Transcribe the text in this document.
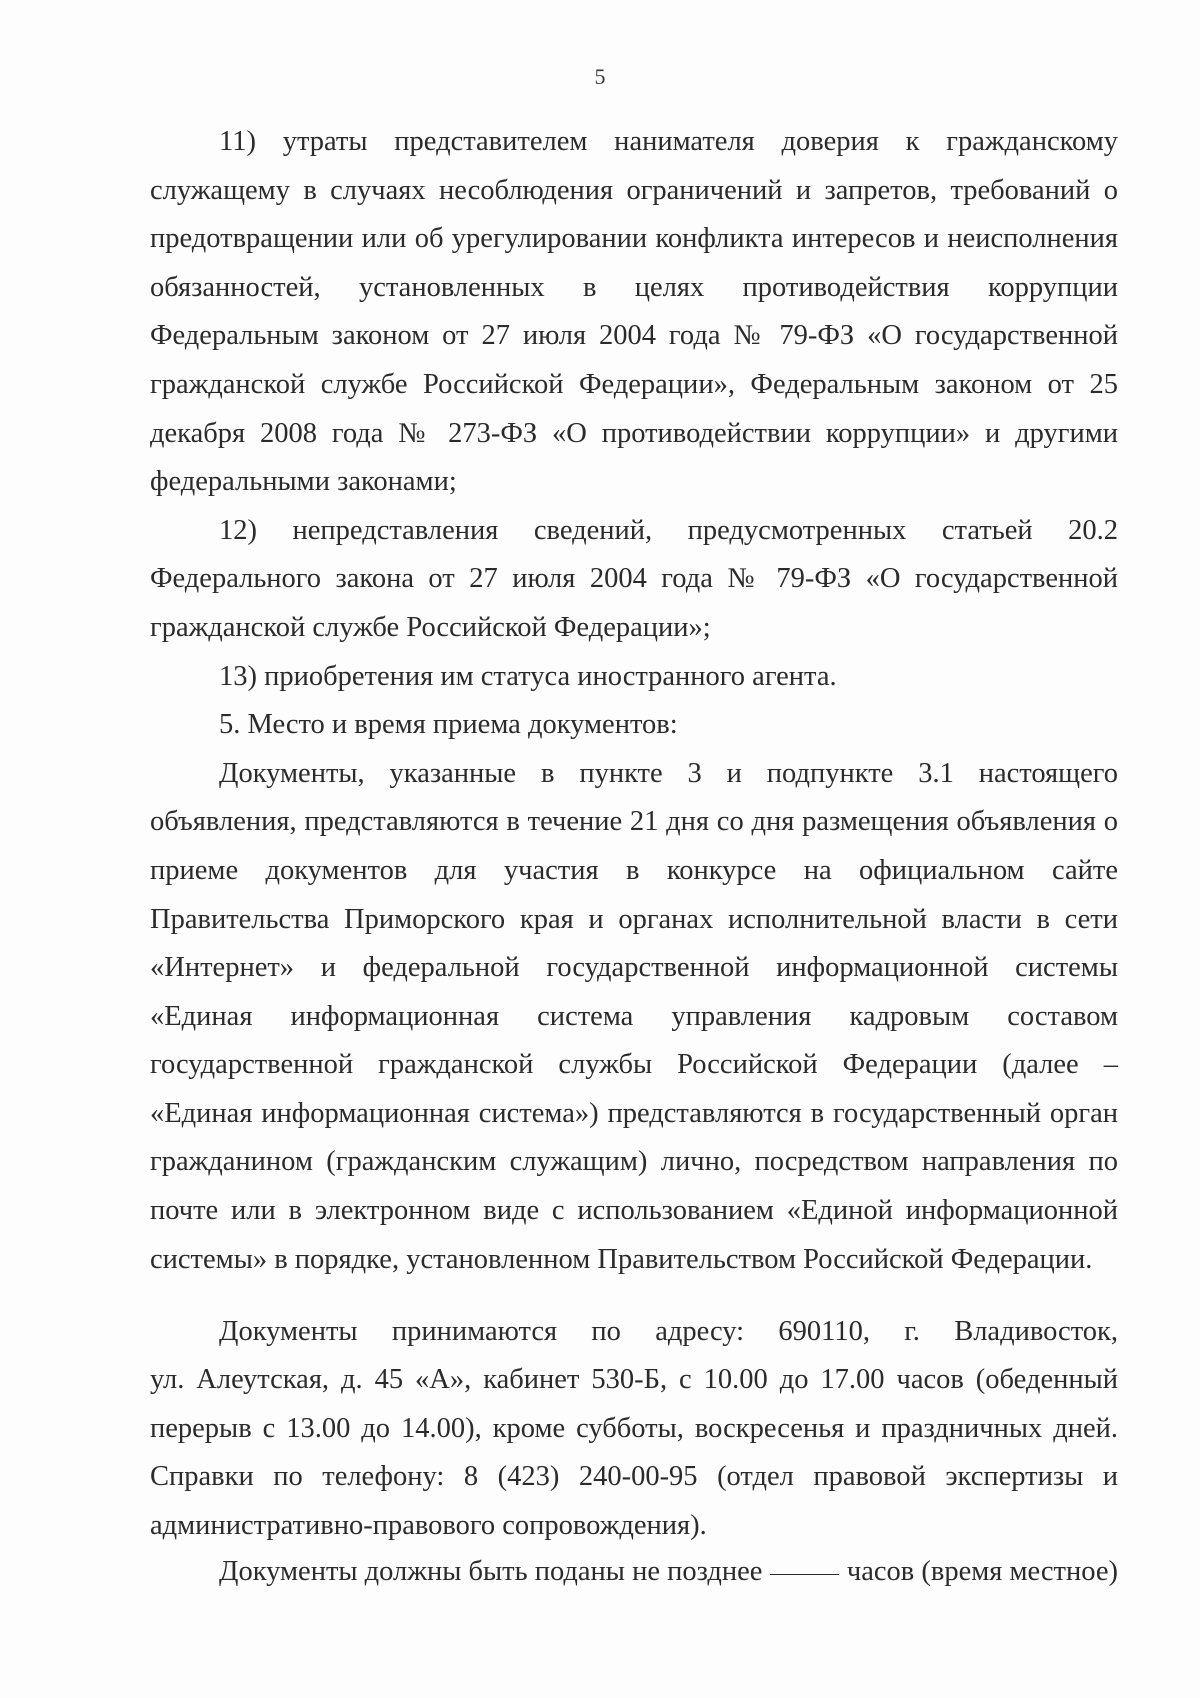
5

11) утраты представителем нанимателя доверия к гражданскому служащему в случаях несоблюдения ограничений и запретов, требований о предотвращении или об урегулировании конфликта интересов и неисполнения обязанностей, установленных в целях противодействия коррупции Федеральным законом от 27 июля 2004 года № 79-ФЗ «О государственной гражданской службе Российской Федерации», Федеральным законом от 25 декабря 2008 года № 273-ФЗ «О противодействии коррупции» и другими федеральными законами;

12) непредставления сведений, предусмотренных статьей 20.2 Федерального закона от 27 июля 2004 года № 79-ФЗ «О государственной гражданской службе Российской Федерации»;

13) приобретения им статуса иностранного агента.

5. Место и время приема документов:

Документы, указанные в пункте 3 и подпункте 3.1 настоящего объявления, представляются в течение 21 дня со дня размещения объявления о приеме документов для участия в конкурсе на официальном сайте Правительства Приморского края и органах исполнительной власти в сети «Интернет» и федеральной государственной информационной системы «Единая информационная система управления кадровым составом государственной гражданской службы Российской Федерации (далее – «Единая информационная система») представляются в государственный орган гражданином (гражданским служащим) лично, посредством направления по почте или в электронном виде с использованием «Единой информационной системы» в порядке, установленном Правительством Российской Федерации.

Документы принимаются по адресу: 690110, г. Владивосток,

ул. Алеутская, д. 45 «А», кабинет 530-Б, с 10.00 до 17.00 часов (обеденный перерыв с 13.00 до 14.00), кроме субботы, воскресенья и праздничных дней. Справки по телефону: 8 (423) 240-00-95 (отдел правовой экспертизы и административно-правового сопровождения).

Документы должны быть поданы не позднее	часов (время местное)
